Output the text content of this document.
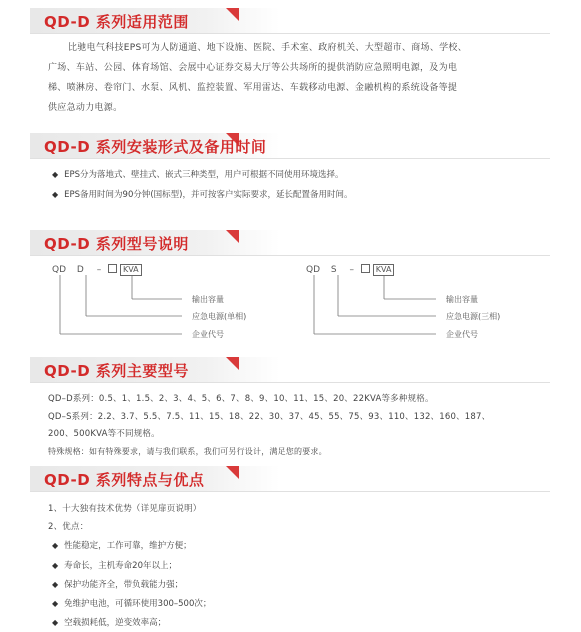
QD-D 系列适用范围
比驰电气科技EPS可为人防通道、地下设施、医院、手术室、政府机关、大型超市、商场、学校、
广场、车站、公园、体育场馆、会展中心证券交易大厅等公共场所的提供消防应急照明电源，及为电
梯、喷淋房、卷帘门、水泵、风机、监控装置、军用雷达、车载移动电源、金融机构的系统设备等提
供应急动力电源。
QD-D 系列安装形式及备用时间
◆ EPS分为落地式、壁挂式、嵌式三种类型，用户可根据不同使用环境选择。
◆ EPS备用时间为90分钟(国标型)，并可按客户实际要求，延长配置备用时间。
QD-D 系列型号说明
QD D –	KVA
输出容量
应急电源(单相)
企业代号
QD S –	KVA
输出容量
应急电源(三相)
企业代号
QD-D 系列主要型号
QD–D系列：0.5、1、1.5、2、3、4、5、6、7、8、9、10、11、15、20、22KVA等多种规格。
QD–S系列：2.2、3.7、5.5、7.5、11、15、18、22、30、37、45、55、75、93、110、132、160、187、
200、500KVA等不同规格。
特殊规格：如有特殊要求，请与我们联系，我们可另行设计，满足您的要求。
QD-D 系列特点与优点
1、十大独有技术优势（详见扉页说明）
2、优点：
◆ 性能稳定，工作可靠，维护方便；
◆ 寿命长，主机寿命20年以上；
◆ 保护功能齐全，带负载能力强；
◆ 免维护电池，可循环使用300–500次；
◆ 空载损耗低，逆变效率高；
